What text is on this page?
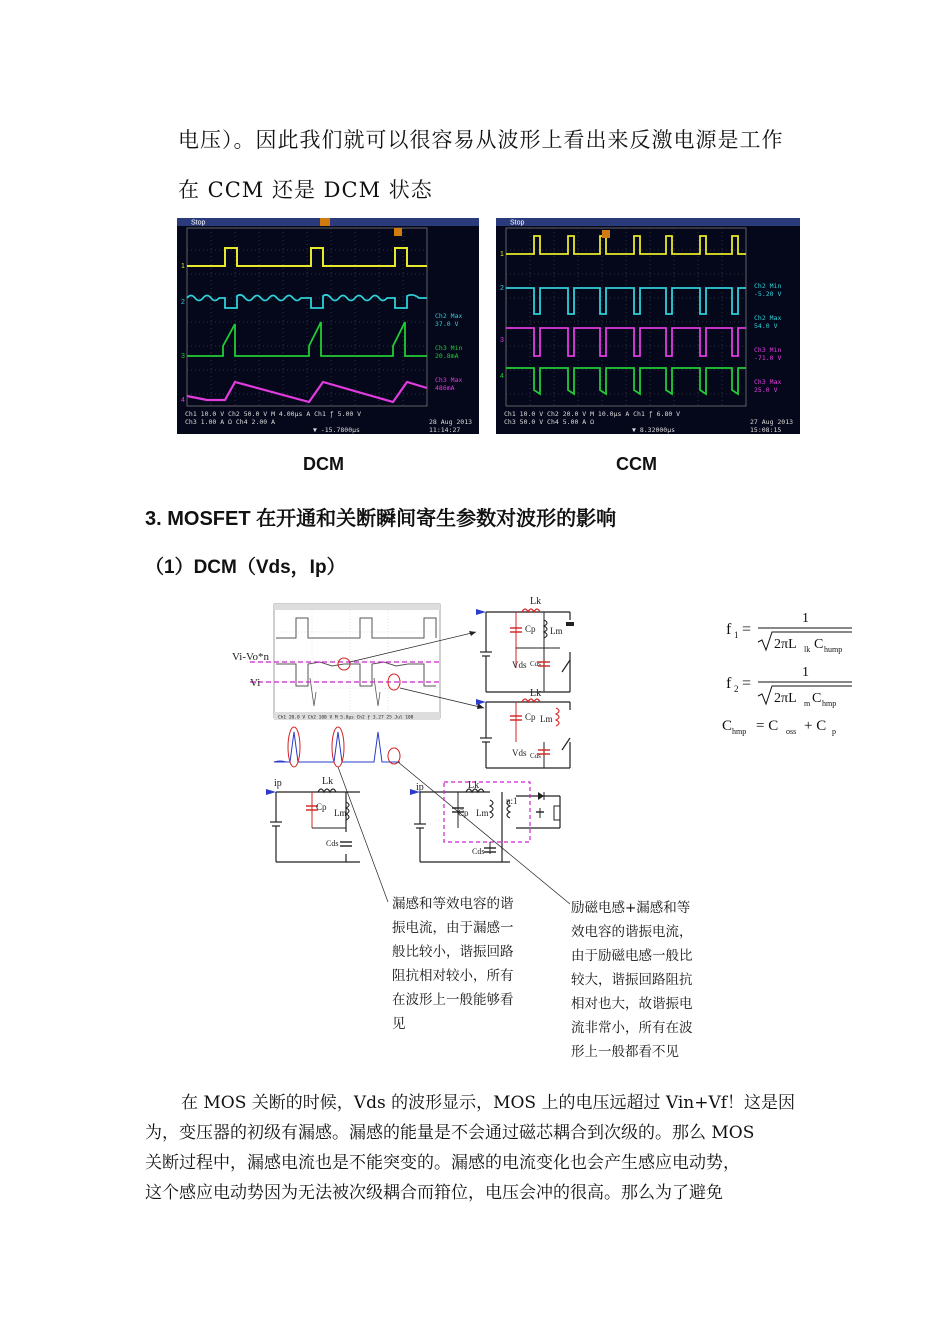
电压）。因此我们就可以很容易从波形上看出来反激电源是工作
在 CCM 还是 DCM 状态
Stop
1
2
3
4
Ch2 Max 37.0 V
Ch3 Min 20.8mA
Ch3 Max 486mA
Ch1 10.0 V Ch2 50.0 V M 4.00μs A Ch1 ƒ 5.00 V
Ch3 1.00 A Ω Ch4 2.00 A
▼ -15.7800μs
28 Aug 2013 11:14:27
Stop
1
2
3
4
Ch2 Min -5.20 V
Ch2 Max 54.0 V
Ch3 Min -71.0 V
Ch3 Max 25.0 V
Ch1 10.0 V Ch2 20.0 V M 10.0μs A Ch1 ƒ 6.80 V
Ch3 50.0 V Ch4 5.00 A Ω
▼ 8.32000μs
27 Aug 2013 15:08:15
DCM	CCM
3. MOSFET 在开通和关断瞬间寄生参数对波形的影响
（1）DCM（Vds，Ip）
Ch1 20.0 V Ch2 100 V M 5.0μs Ch2 ƒ 3.27 25 Jul 108
Vi-Vo*n
Vi
Lk
Cp Lm
Vds Cds
Lk
Cp Lm
Vds Cds
Lk
ip
Cp
Lm
Cds
Lk
ip
Cp Lm
n:1
Cds
f 1 =
1
2πL lk C hump
f 2 =
1
2πL m C hmp
C hmp = C oss + C p
漏感和等效电容的谐
振电流，由于漏感一
般比较小，谐振回路
阻抗相对较小，所有
在波形上一般能够看
见
励磁电感+漏感和等
效电容的谐振电流，
由于励磁电感一般比
较大，谐振回路阻抗
相对也大，故谐振电
流非常小，所有在波
形上一般都看不见
在 MOS 关断的时候，Vds 的波形显示，MOS 上的电压远超过 Vin+Vf！这是因
为，变压器的初级有漏感。漏感的能量是不会通过磁芯耦合到次级的。那么 MOS
关断过程中，漏感电流也是不能突变的。漏感的电流变化也会产生感应电动势，
这个感应电动势因为无法被次级耦合而箝位，电压会冲的很高。那么为了避免
